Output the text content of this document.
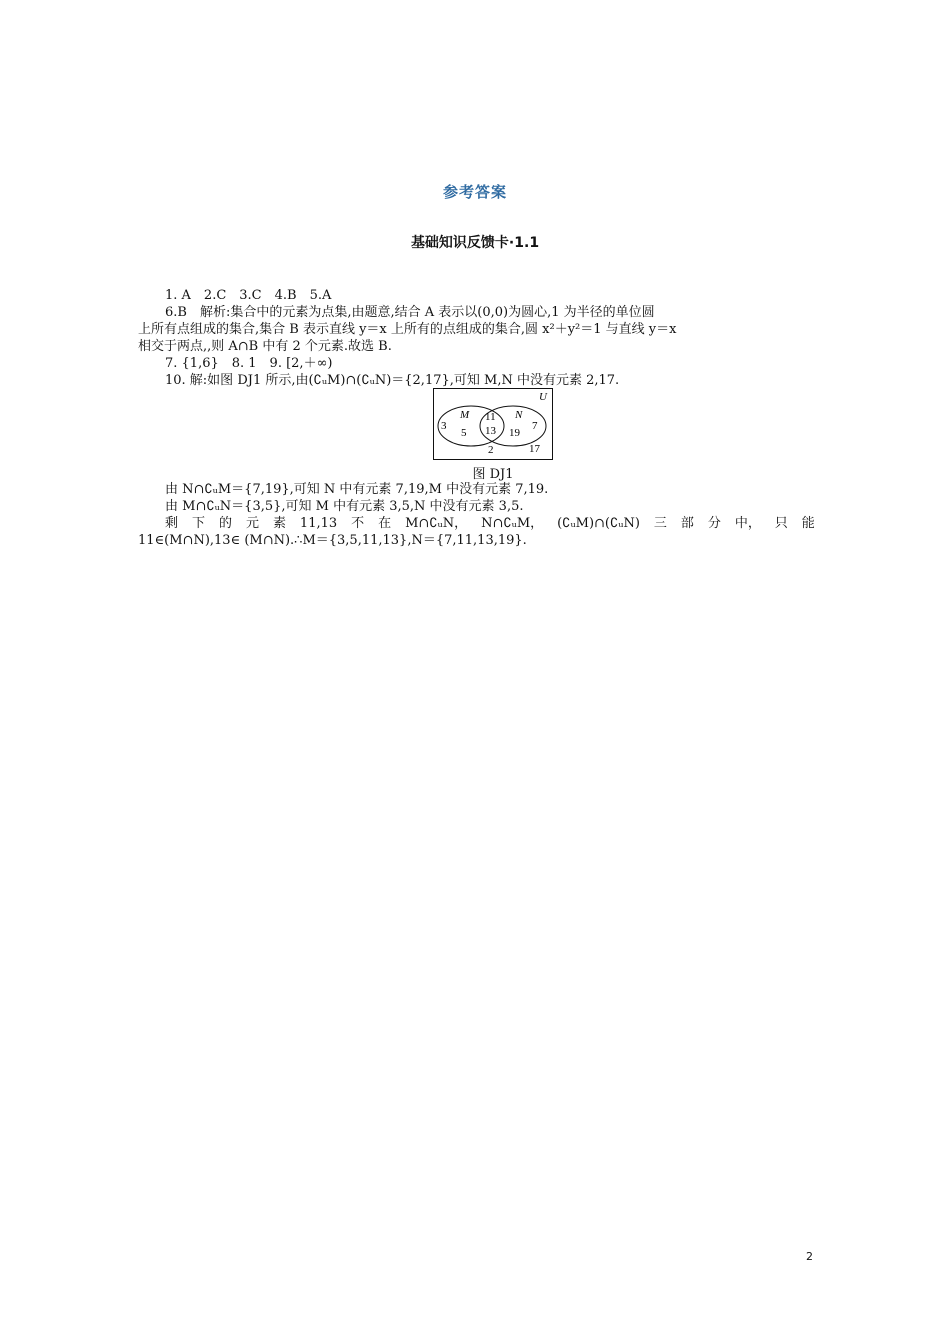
参考答案
基础知识反馈卡·1.1
1. A　2.C　3.C　4.B　5.A
6.B　解析:集合中的元素为点集,由题意,结合 A 表示以(0,0)为圆心,1 为半径的单位圆
上所有点组成的集合,集合 B 表示直线 y＝x 上所有的点组成的集合,圆 x²＋y²＝1 与直线 y＝x
相交于两点,,则 A∩B 中有 2 个元素.故选 B.
7. {1,6}　8. 1　9. [2,＋∞)
10. 解:如图 DJ1 所示,由(∁ᵤM)∩(∁ᵤN)＝{2,17},可知 M,N 中没有元素 2,17.
U
M	N
3
5
11
13	7
19
2	17
图 DJ1
由 N∩∁ᵤM＝{7,19},可知 N 中有元素 7,19,M 中没有元素 7,19.
由 M∩∁ᵤN＝{3,5},可知 M 中有元素 3,5,N 中没有元素 3,5.
剩 下 的 元 素 11,13 不 在 M∩∁ᵤN， N∩∁ᵤM， (∁ᵤM)∩(∁ᵤN) 三 部 分 中， 只 能
11∈(M∩N),13∈ (M∩N).∴M＝{3,5,11,13},N＝{7,11,13,19}.
2
